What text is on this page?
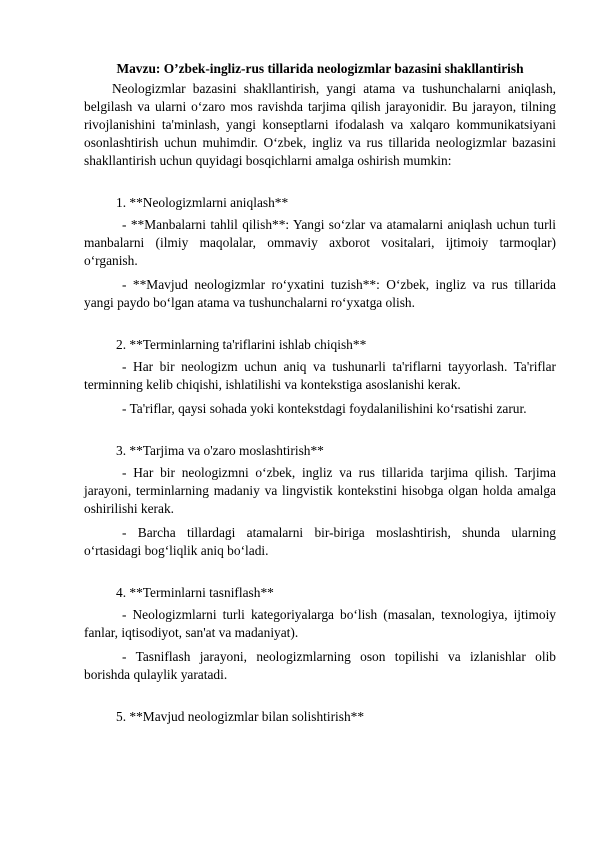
Mavzu: O’zbek-ingliz-rus tillarida neologizmlar bazasini shakllantirish

Neologizmlar bazasini shakllantirish, yangi atama va tushunchalarni aniqlash, belgilash va ularni o‘zaro mos ravishda tarjima qilish jarayonidir. Bu jarayon, tilning rivojlanishini ta'minlash, yangi konseptlarni ifodalash va xalqaro kommunikatsiyani osonlashtirish uchun muhimdir. O‘zbek, ingliz va rus tillarida neologizmlar bazasini shakllantirish uchun quyidagi bosqichlarni amalga oshirish mumkin:

1. **Neologizmlarni aniqlash**

- **Manbalarni tahlil qilish**: Yangi so‘zlar va atamalarni aniqlash uchun turli manbalarni (ilmiy maqolalar, ommaviy axborot vositalari, ijtimoiy tarmoqlar) o‘rganish.

- **Mavjud neologizmlar ro‘yxatini tuzish**: O‘zbek, ingliz va rus tillarida yangi paydo bo‘lgan atama va tushunchalarni ro‘yxatga olish.

2. **Terminlarning ta'riflarini ishlab chiqish**

- Har bir neologizm uchun aniq va tushunarli ta'riflarni tayyorlash. Ta'riflar terminning kelib chiqishi, ishlatilishi va kontekstiga asoslanishi kerak.

- Ta'riflar, qaysi sohada yoki kontekstdagi foydalanilishini ko‘rsatishi zarur.

3. **Tarjima va o'zaro moslashtirish**

- Har bir neologizmni o‘zbek, ingliz va rus tillarida tarjima qilish. Tarjima jarayoni, terminlarning madaniy va lingvistik kontekstini hisobga olgan holda amalga oshirilishi kerak.

- Barcha tillardagi atamalarni bir-biriga moslashtirish, shunda ularning o‘rtasidagi bog‘liqlik aniq bo‘ladi.

4. **Terminlarni tasniflash**

- Neologizmlarni turli kategoriyalarga bo‘lish (masalan, texnologiya, ijtimoiy fanlar, iqtisodiyot, san'at va madaniyat).

- Tasniflash jarayoni, neologizmlarning oson topilishi va izlanishlar olib borishda qulaylik yaratadi.

5. **Mavjud neologizmlar bilan solishtirish**
